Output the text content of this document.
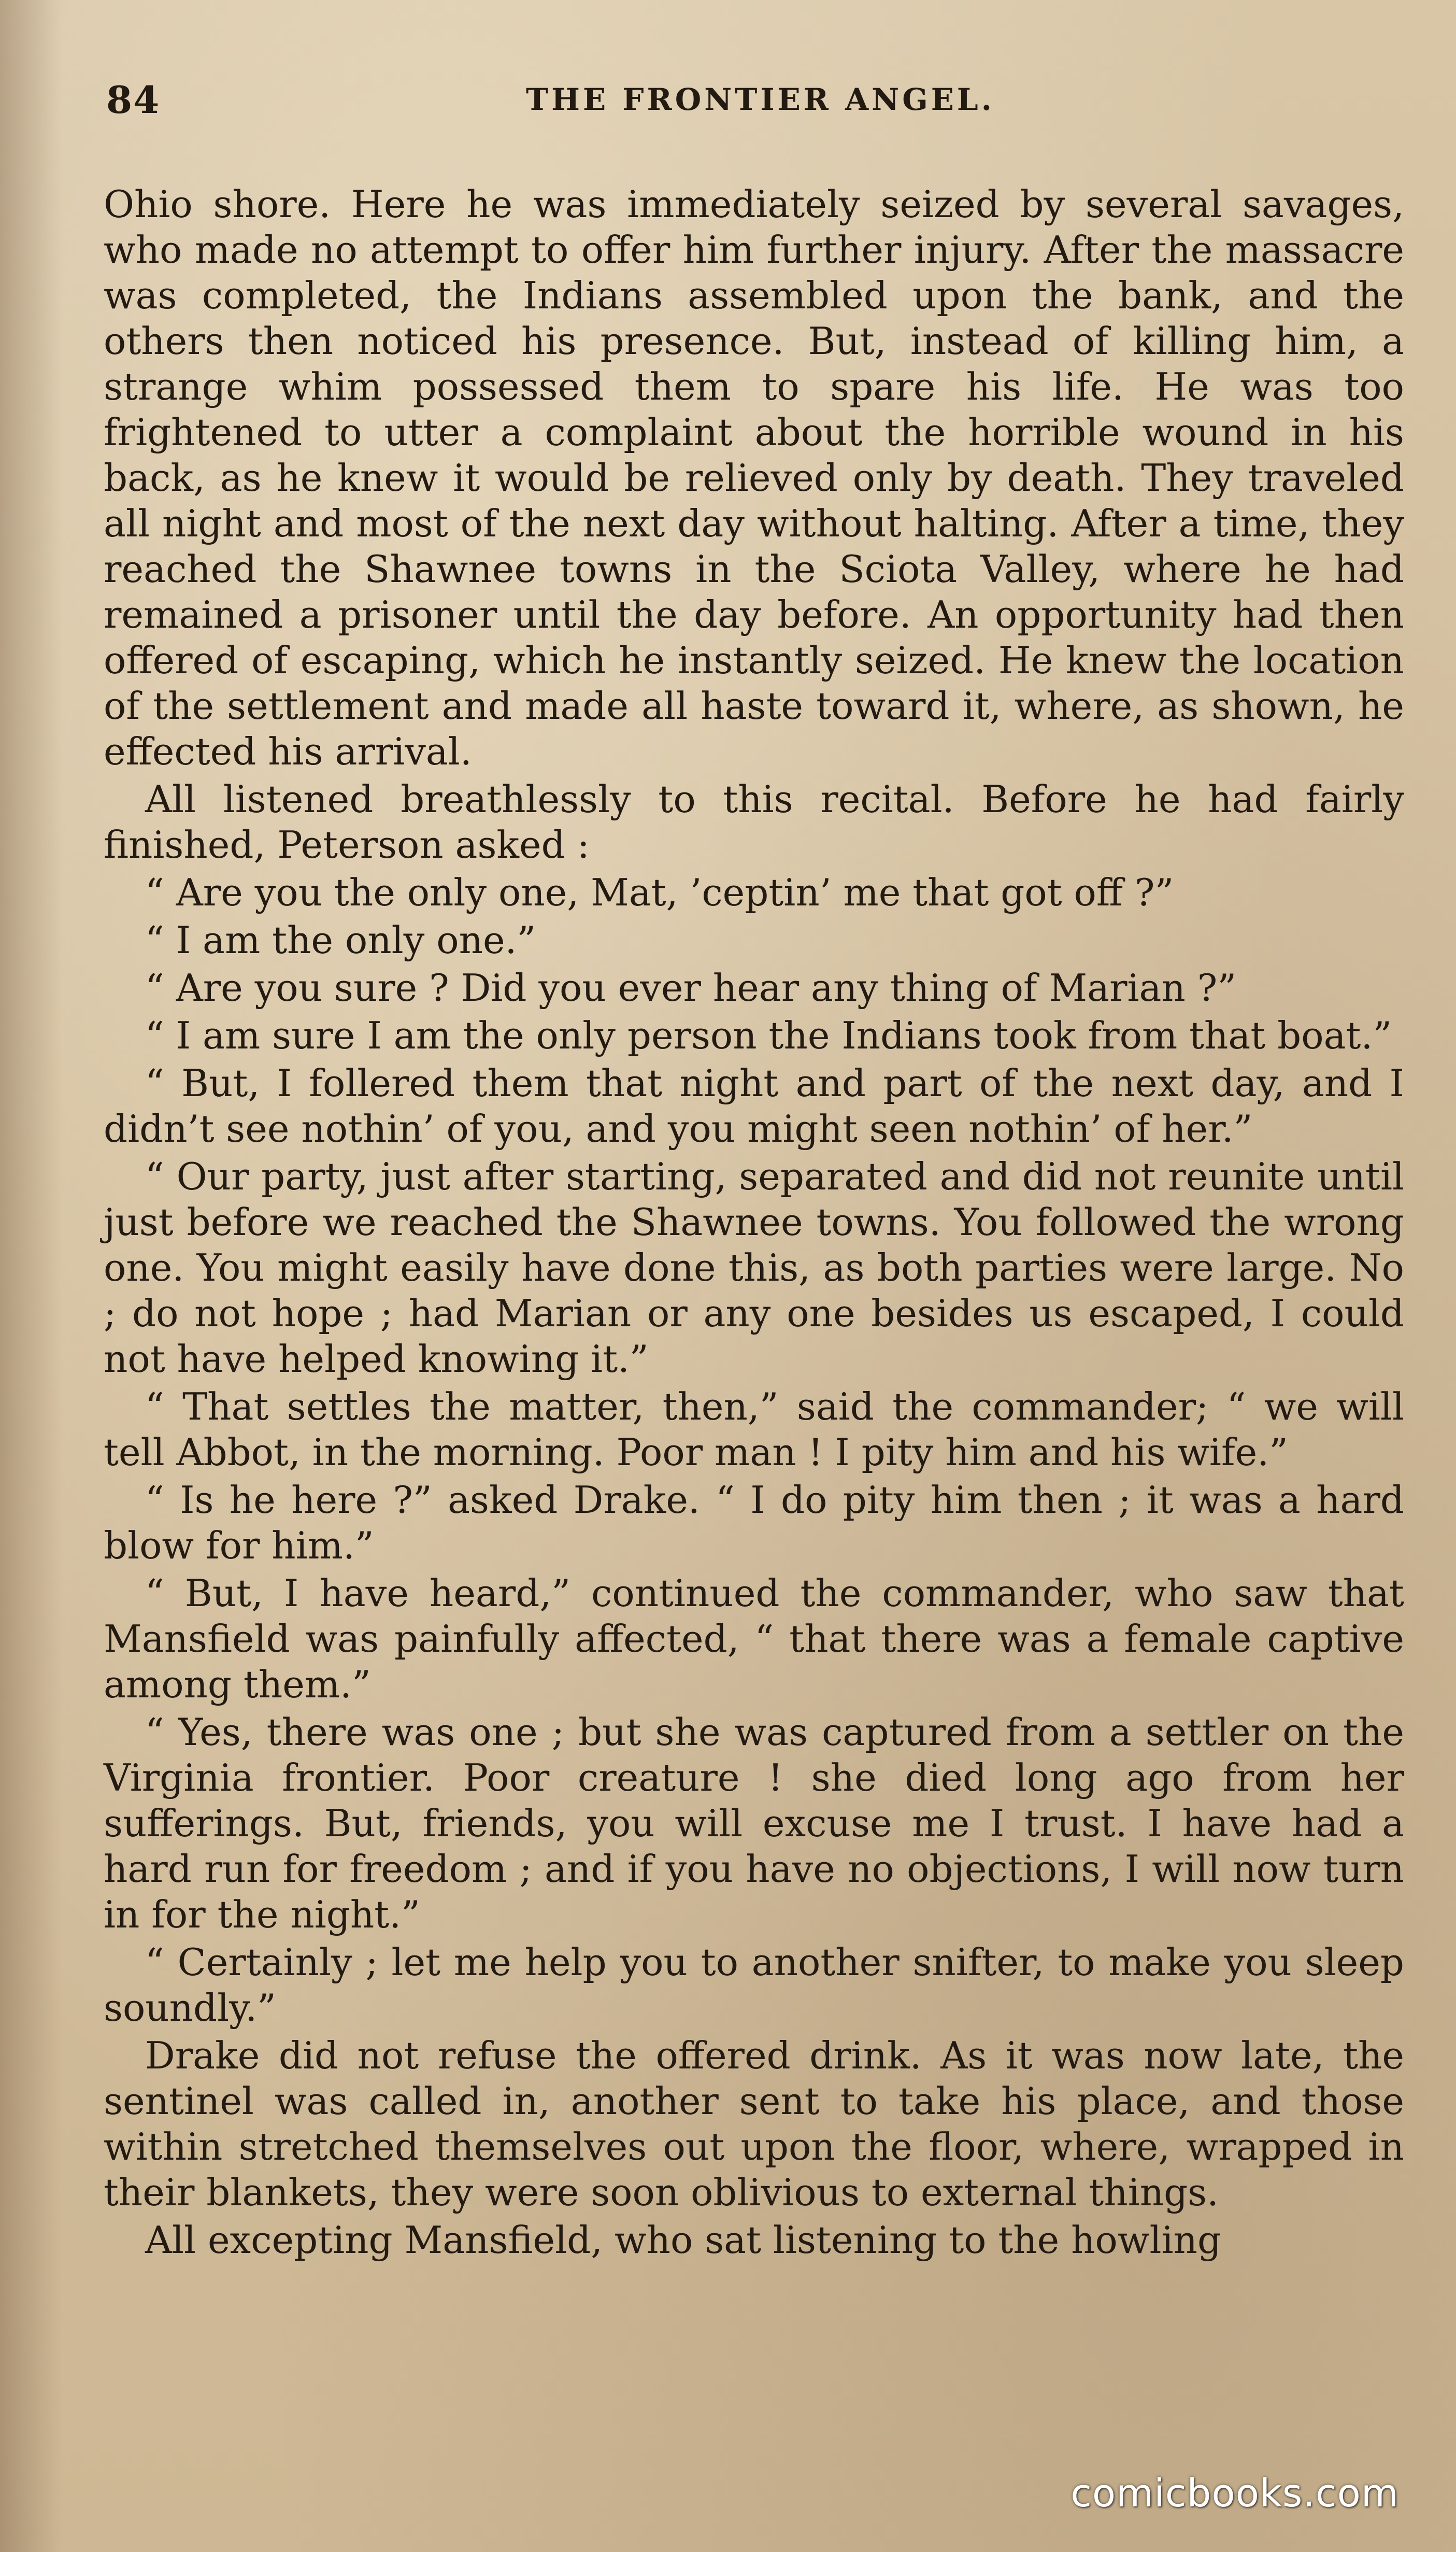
84	THE FRONTIER ANGEL.

Ohio shore. Here he was immediately seized by several savages, who made no attempt to offer him further injury. After the massacre was completed, the Indians assembled upon the bank, and the others then noticed his presence. But, instead of killing him, a strange whim possessed them to spare his life. He was too frightened to utter a complaint about the horrible wound in his back, as he knew it would be relieved only by death. They traveled all night and most of the next day without halting. After a time, they reached the Shawnee towns in the Sciota Valley, where he had remained a prisoner until the day before. An opportunity had then offered of escaping, which he instantly seized. He knew the location of the settlement and made all haste toward it, where, as shown, he effected his arrival.

All listened breathlessly to this recital. Before he had fairly finished, Peterson asked :

“ Are you the only one, Mat, ’ceptin’ me that got off ?”

“ I am the only one.”

“ Are you sure ? Did you ever hear any thing of Marian ?”

“ I am sure I am the only person the Indians took from that boat.”

“ But, I follered them that night and part of the next day, and I didn’t see nothin’ of you, and you might seen nothin’ of her.”

“ Our party, just after starting, separated and did not reunite until just before we reached the Shawnee towns. You followed the wrong one. You might easily have done this, as both parties were large. No ; do not hope ; had Marian or any one besides us escaped, I could not have helped knowing it.”

“ That settles the matter, then,” said the commander; “ we will tell Abbot, in the morning. Poor man ! I pity him and his wife.”

“ Is he here ?” asked Drake. “ I do pity him then ; it was a hard blow for him.”

“ But, I have heard,” continued the commander, who saw that Mansfield was painfully affected, “ that there was a female captive among them.”

“ Yes, there was one ; but she was captured from a settler on the Virginia frontier. Poor creature ! she died long ago from her sufferings. But, friends, you will excuse me I trust. I have had a hard run for freedom ; and if you have no objections, I will now turn in for the night.”

“ Certainly ; let me help you to another snifter, to make you sleep soundly.”

Drake did not refuse the offered drink. As it was now late, the sentinel was called in, another sent to take his place, and those within stretched themselves out upon the floor, where, wrapped in their blankets, they were soon oblivious to external things.

All excepting Mansfield, who sat listening to the howling

comicbooks.com
